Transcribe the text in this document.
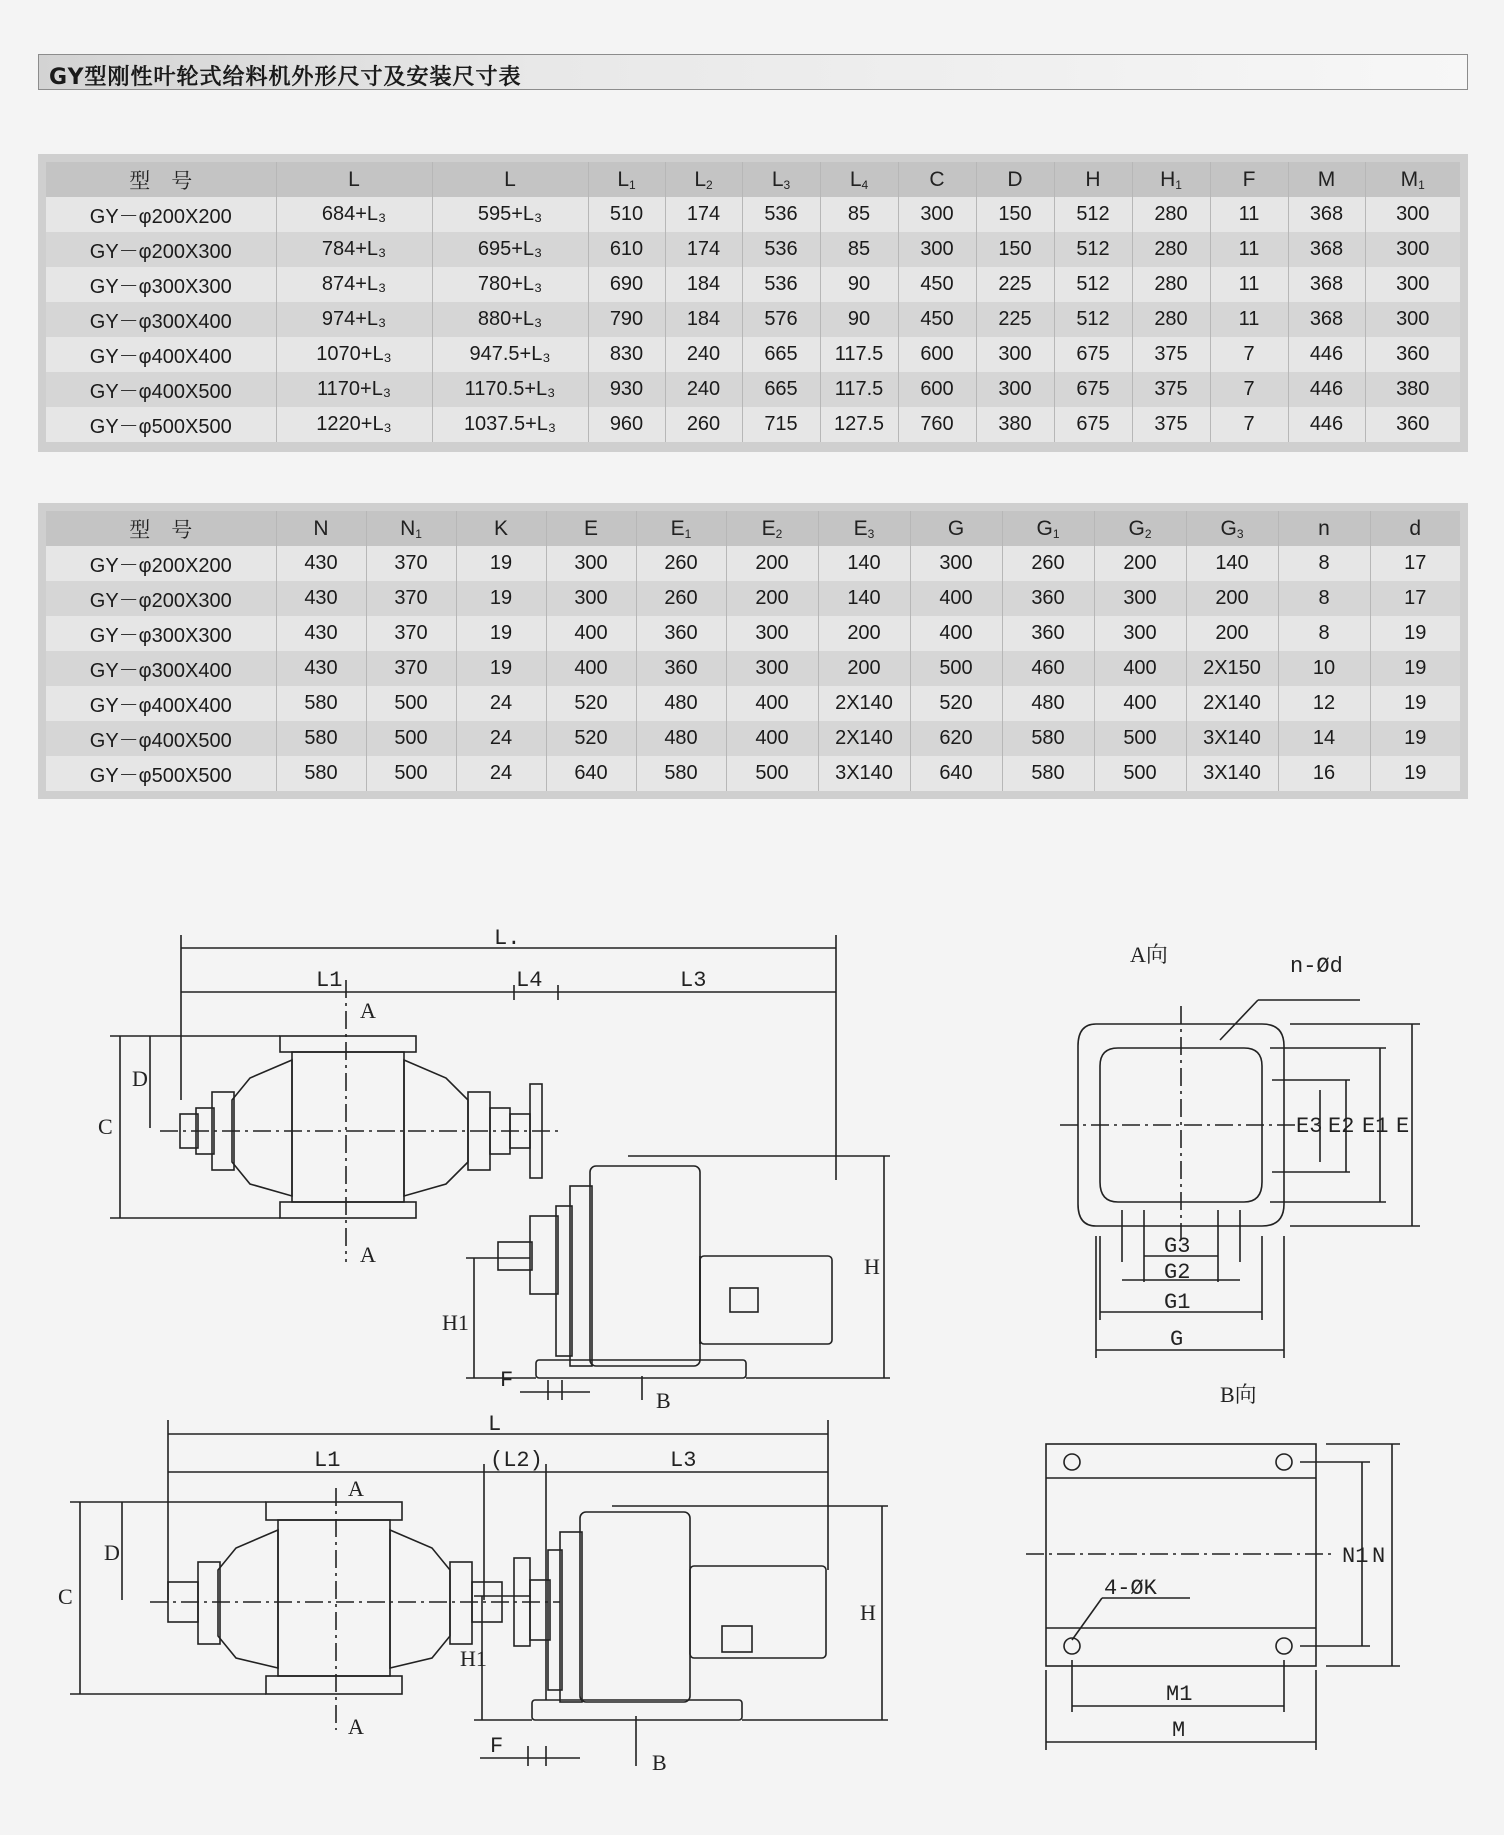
GY型刚性叶轮式给料机外形尺寸及安装尺寸表
型　号	L	L	$L_1$	$L_2$	$L_3$	$L_4$	C	D	H	$H_1$	F	M	$M_1$
GY－φ200X200	684+L₃	595+L₃	510	174	536	85	300	150	512	280	11	368	300
GY－φ200X300	784+L₃	695+L₃	610	174	536	85	300	150	512	280	11	368	300
GY－φ300X300	874+L₃	780+L₃	690	184	536	90	450	225	512	280	11	368	300
GY－φ300X400	974+L₃	880+L₃	790	184	576	90	450	225	512	280	11	368	300
GY－φ400X400	1070+L₃	947.5+L₃	830	240	665	117.5	600	300	675	375	7	446	360
GY－φ400X500	1170+L₃	1170.5+L₃	930	240	665	117.5	600	300	675	375	7	446	380
GY－φ500X500	1220+L₃	1037.5+L₃	960	260	715	127.5	760	380	675	375	7	446	360
型　号	N	$N_1$	K	E	$E_1$	$E_2$	$E_3$	G	$G_1$	$G_2$	$G_3$	n	d
GY－φ200X200	430	370	19	300	260	200	140	300	260	200	140	8	17
GY－φ200X300	430	370	19	300	260	200	140	400	360	300	200	8	17
GY－φ300X300	430	370	19	400	360	300	200	400	360	300	200	8	19
GY－φ300X400	430	370	19	400	360	300	200	500	460	400	2X150	10	19
GY－φ400X400	580	500	24	520	480	400	2X140	520	480	400	2X140	12	19
GY－φ400X500	580	500	24	520	480	400	2X140	620	580	500	3X140	14	19
GY－φ500X500	580	500	24	640	580	500	3X140	640	580	500	3X140	16	19
L.
L1	L4	L3
A
A
B
C
D
H
H1
F
L
L1	(L2)	L3
A
A
B
C
D
H
H1
F
A向	n-Ød
E
E1
E2
E3
G
G1
G2
G3
B向
4-ØK
N
N1
M1
M
